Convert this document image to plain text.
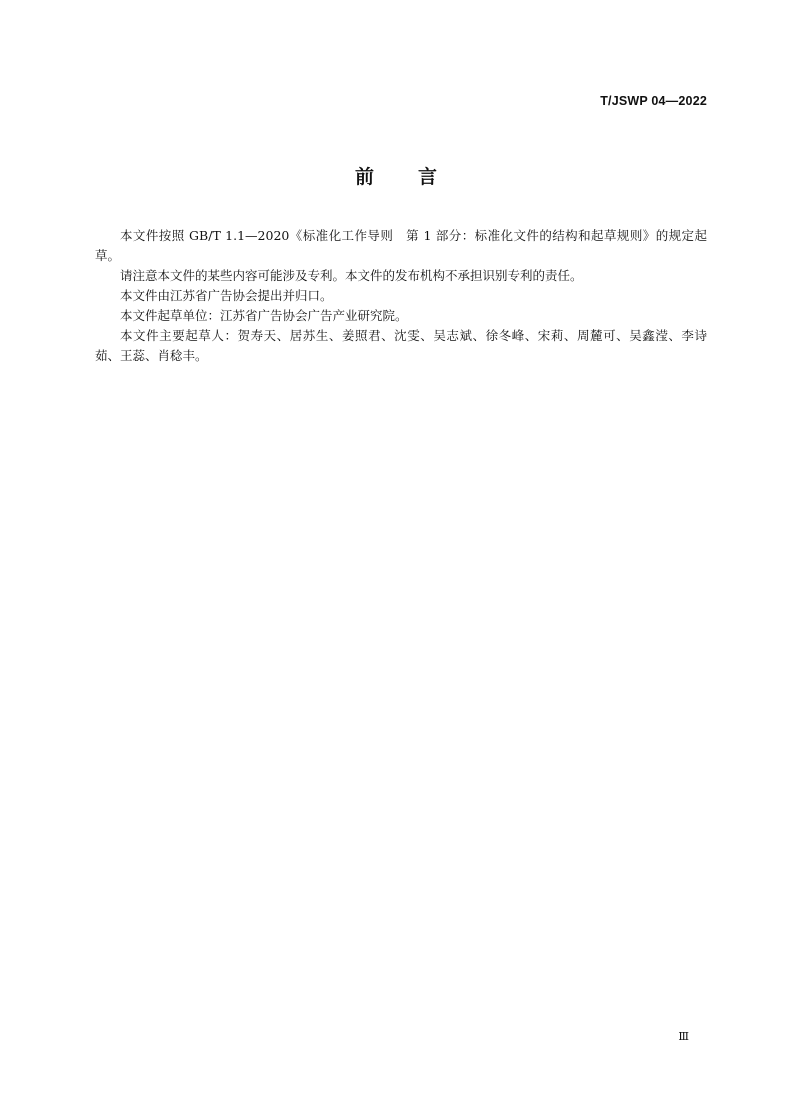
T/JSWP 04—2022
前言

本文件按照 GB/T 1.1—2020《标准化工作导则　第 1 部分：标准化文件的结构和起草规则》的规定起草。

请注意本文件的某些内容可能涉及专利。本文件的发布机构不承担识别专利的责任。

本文件由江苏省广告协会提出并归口。

本文件起草单位：江苏省广告协会广告产业研究院。

本文件主要起草人：贺寿天、居苏生、姜照君、沈雯、吴志斌、徐冬峰、宋莉、周麓可、吴鑫滢、李诗茹、王蕊、肖稔丰。

Ⅲ
